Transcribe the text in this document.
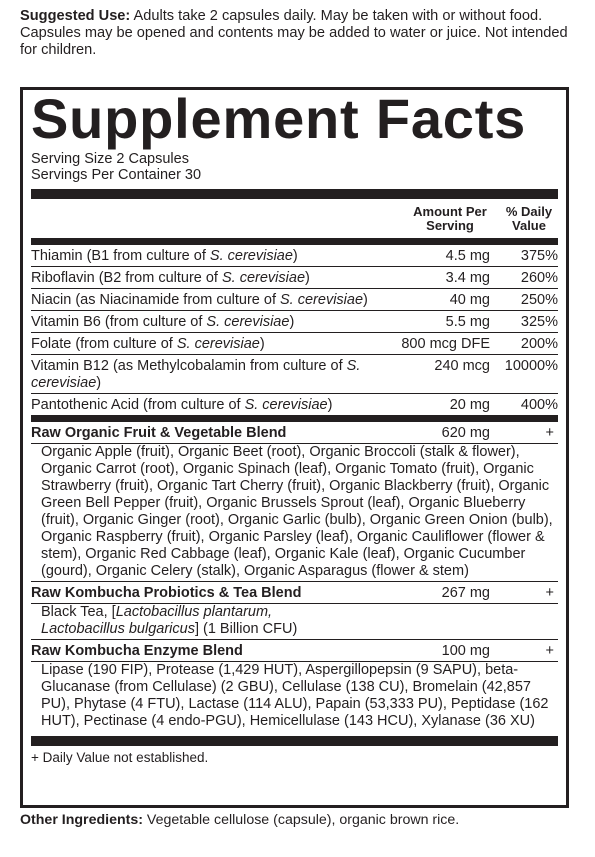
Suggested Use: Adults take 2 capsules daily. May be taken with or without food. Capsules may be opened and contents may be added to water or juice. Not intended for children.
Supplement Facts
Serving Size 2 Capsules
Servings Per Container 30
Amount Per Serving
% Daily Value
Thiamin (B1 from culture of S. cerevisiae)	4.5 mg 375%
Riboflavin (B2 from culture of S. cerevisiae)	3.4 mg 260%
Niacin (as Niacinamide from culture of S. cerevisiae)	40 mg 250%
Vitamin B6 (from culture of S. cerevisiae)	5.5 mg 325%
Folate (from culture of S. cerevisiae)	800 mcg DFE 200%
Vitamin B12 (as Methylcobalamin from culture of S. cerevisiae)
240 mcg 10000%
Pantothenic Acid (from culture of S. cerevisiae)	20 mg 400%
Raw Organic Fruit & Vegetable Blend	620 mg	+
Organic Apple (fruit), Organic Beet (root), Organic Broccoli (stalk & flower), Organic Carrot (root), Organic Spinach (leaf), Organic Tomato (fruit), Organic Strawberry (fruit), Organic Tart Cherry (fruit), Organic Blackberry (fruit), Organic Green Bell Pepper (fruit), Organic Brussels Sprout (leaf), Organic Blueberry (fruit), Organic Ginger (root), Organic Garlic (bulb), Organic Green Onion (bulb), Organic Raspberry (fruit), Organic Parsley (leaf), Organic Cauliflower (flower & stem), Organic Red Cabbage (leaf), Organic Kale (leaf), Organic Cucumber (gourd), Organic Celery (stalk), Organic Asparagus (flower & stem)
Raw Kombucha Probiotics & Tea Blend	267 mg	+
Black Tea, [Lactobacillus plantarum, Lactobacillus bulgaricus] (1 Billion CFU)
Raw Kombucha Enzyme Blend	100 mg	+
Lipase (190 FIP), Protease (1,429 HUT), Aspergillopepsin (9 SAPU), beta-Glucanase (from Cellulase) (2 GBU), Cellulase (138 CU), Bromelain (42,857 PU), Phytase (4 FTU), Lactase (114 ALU), Papain (53,333 PU), Peptidase (162 HUT), Pectinase (4 endo-PGU), Hemicellulase (143 HCU), Xylanase (36 XU)
+ Daily Value not established.
Other Ingredients: Vegetable cellulose (capsule), organic brown rice.
